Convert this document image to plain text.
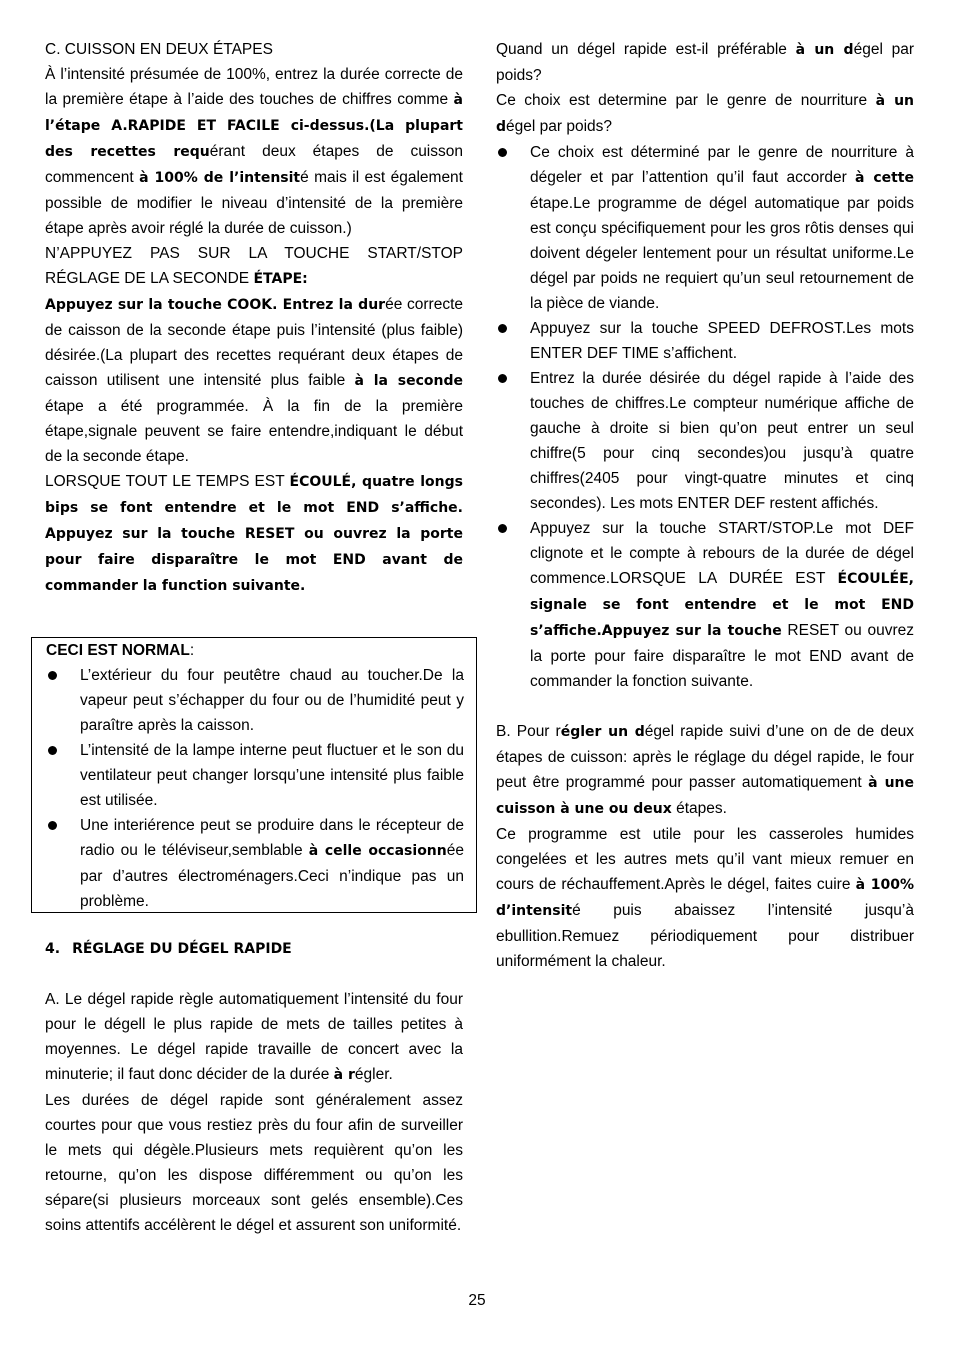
C. CUISSON EN DEUX ÉTAPES

À l’intensité présumée de 100%, entrez la durée correcte de la première étape à l’aide des touches de chiffres comme à l’étape A.RAPIDE ET FACILE ci-dessus.(La plupart des recettes requérant deux étapes de cuisson commencent à 100% de l’intensité mais il est également possible de modifier le niveau d’intensité de la première étape après avoir réglé la durée de cuisson.)

N’APPUYEZ PAS SUR LA TOUCHE START/STOP RÉGLAGE DE LA SECONDE ÉTAPE:

Appuyez sur la touche COOK. Entrez la durée correcte de caisson de la seconde étape puis l’intensité (plus faible) désirée.(La plupart des recettes requérant deux étapes de caisson utilisent une intensité plus faible à la seconde étape a été programmée. À la fin de la première étape,signale peuvent se faire entendre,indiquant le début de la seconde étape.

LORSQUE TOUT LE TEMPS EST ÉCOULÉ, quatre longs bips se font entendre et le mot END s’affiche. Appuyez sur la touche RESET ou ouvrez la porte pour faire disparaître le mot END avant de commander la function suivante.

CECI EST NORMAL:

L’extérieur du four peutêtre chaud au toucher.De la vapeur peut s’échapper du four ou de l’humidité peut y paraître après la caisson.
L’intensité de la lampe interne peut fluctuer et le son du ventilateur peut changer lorsqu’une intensité plus faible est utilisée.
Une interiérence peut se produire dans le récepteur de radio ou le téléviseur,semblable à celle occasionnée par d’autres électroménagers.Ceci n’indique pas un problème.

4. RÉGLAGE DU DÉGEL RAPIDE

A. Le dégel rapide règle automatiquement l’intensité du four pour le dégell le plus rapide de mets de tailles petites à moyennes. Le dégel rapide travaille de concert avec la minuterie; il faut donc décider de la durée à régler.

Les durées de dégel rapide sont généralement assez courtes pour que vous restiez près du four afin de surveiller le mets qui dégèle.Plusieurs mets requièrent qu’on les retourne, qu’on les dispose différemment ou qu’on les sépare(si plusieurs morceaux sont gelés ensemble).Ces soins attentifs accélèrent le dégel et assurent son uniformité.

Quand un dégel rapide est-il préférable à un dégel par poids?

Ce choix est determine par le genre de nourriture à un dégel par poids?

Ce choix est déterminé par le genre de nourriture à dégeler et par l’attention qu’il faut accorder à cette étape.Le programme de dégel automatique par poids est conçu spécifiquement pour les gros rôtis denses qui doivent dégeler lentement pour un résultat uniforme.Le dégel par poids ne requiert qu’un seul retournement de la pièce de viande.
Appuyez sur la touche SPEED DEFROST.Les mots ENTER DEF TIME s’affichent.
Entrez la durée désirée du dégel rapide à l’aide des touches de chiffres.Le compteur numérique affiche de gauche à droite si bien qu’on peut entrer un seul chiffre(5 pour cinq secondes)ou jusqu’à quatre chiffres(2405 pour vingt-quatre minutes et cinq secondes). Les mots ENTER DEF restent affichés.
Appuyez sur la touche START/STOP.Le mot DEF clignote et le compte à rebours de la durée de dégel commence.LORSQUE LA DURÉE EST ÉCOULÉE, signale se font entendre et le mot END s’affiche.Appuyez sur la touche RESET ou ouvrez la porte pour faire disparaître le mot END avant de commander la fonction suivante.

B. Pour régler un dégel rapide suivi d’une on de de deux étapes de cuisson: après le réglage du dégel rapide, le four peut être programmé pour passer automatiquement à une cuisson à une ou deux étapes.

Ce programme est utile pour les casseroles humides congelées et les autres mets qu’il vant mieux remuer en cours de réchauffement.Après le dégel, faites cuire à 100% d’intensité puis abaissez l’intensité jusqu’à ebullition.Remuez périodiquement pour distribuer uniformément la chaleur.

25
